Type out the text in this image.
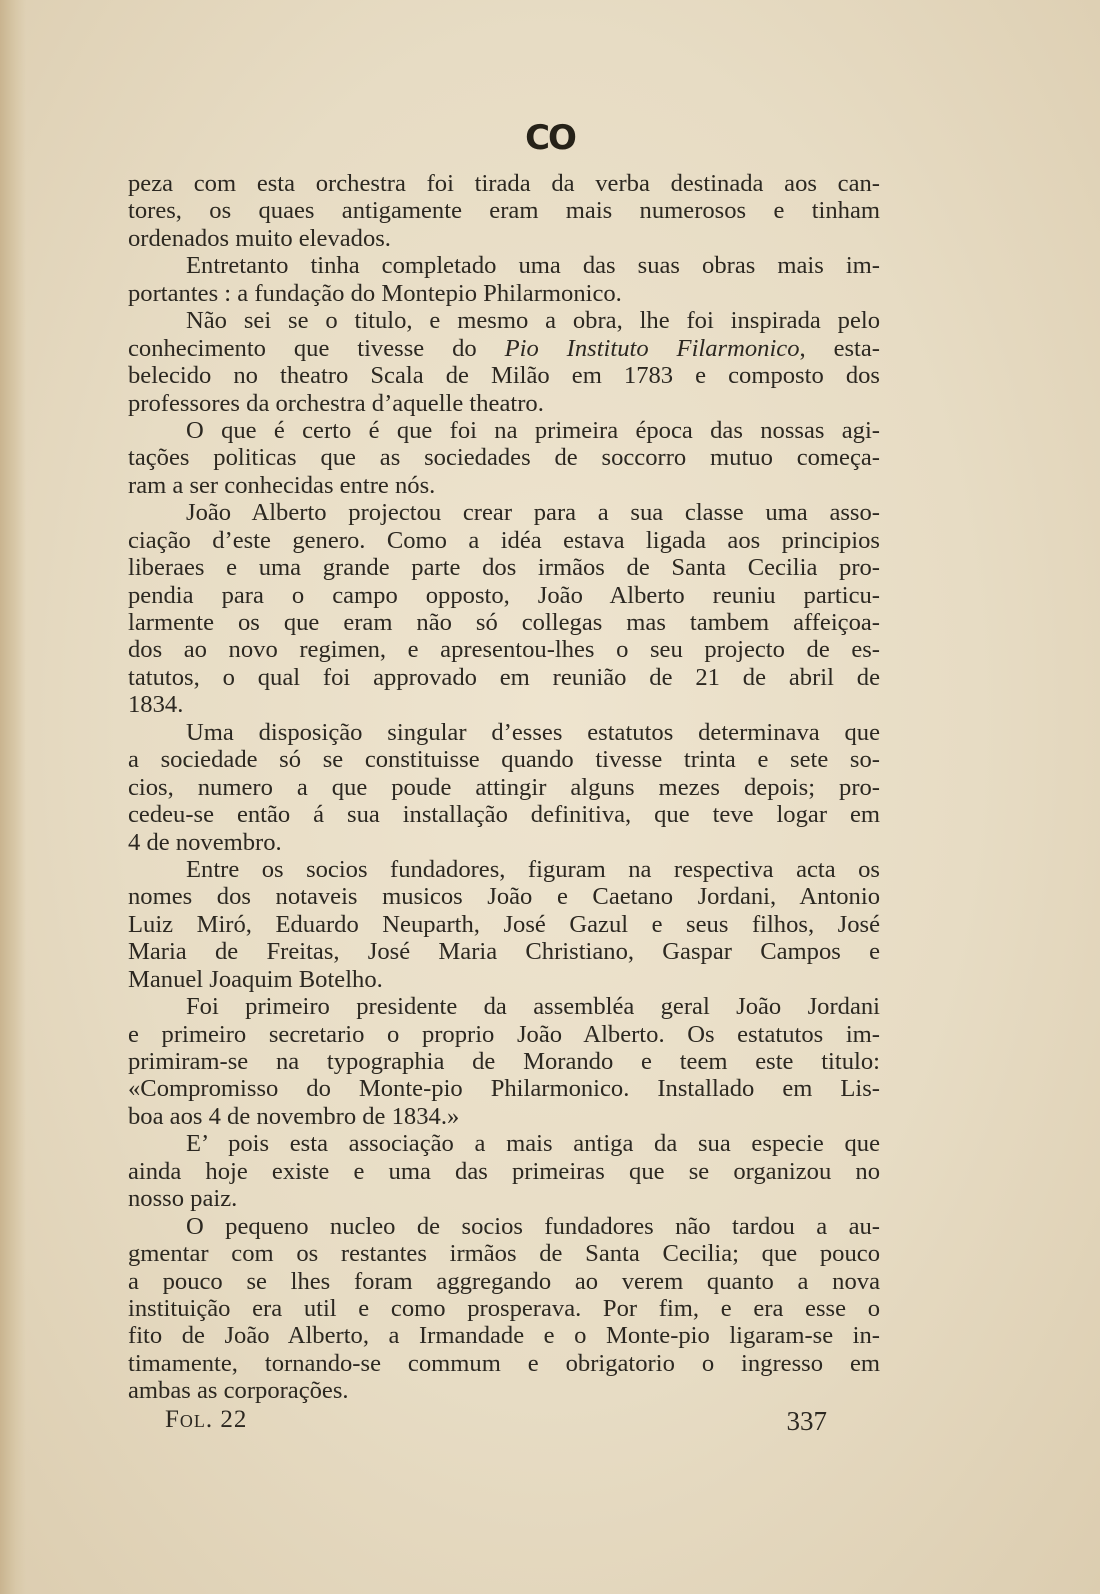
CO
peza com esta orchestra foi tirada da verba destinada aos can-
tores, os quaes antigamente eram mais numerosos e tinham
ordenados muito elevados.
Entretanto tinha completado uma das suas obras mais im-
portantes : a fundação do Montepio Philarmonico.
Não sei se o titulo, e mesmo a obra, lhe foi inspirada pelo
conhecimento que tivesse do Pio Instituto Filarmonico, esta-
belecido no theatro Scala de Milão em 1783 e composto dos
professores da orchestra d’aquelle theatro.
O que é certo é que foi na primeira época das nossas agi-
tações politicas que as sociedades de soccorro mutuo começa-
ram a ser conhecidas entre nós.
João Alberto projectou crear para a sua classe uma asso-
ciação d’este genero. Como a idéa estava ligada aos principios
liberaes e uma grande parte dos irmãos de Santa Cecilia pro-
pendia para o campo opposto, João Alberto reuniu particu-
larmente os que eram não só collegas mas tambem affeiçoa-
dos ao novo regimen, e apresentou-lhes o seu projecto de es-
tatutos, o qual foi approvado em reunião de 21 de abril de
1834.
Uma disposição singular d’esses estatutos determinava que
a sociedade só se constituisse quando tivesse trinta e sete so-
cios, numero a que poude attingir alguns mezes depois; pro-
cedeu-se então á sua installação definitiva, que teve logar em
4 de novembro.
Entre os socios fundadores, figuram na respectiva acta os
nomes dos notaveis musicos João e Caetano Jordani, Antonio
Luiz Miró, Eduardo Neuparth, José Gazul e seus filhos, José
Maria de Freitas, José Maria Christiano, Gaspar Campos e
Manuel Joaquim Botelho.
Foi primeiro presidente da assembléa geral João Jordani
e primeiro secretario o proprio João Alberto. Os estatutos im-
primiram-se na typographia de Morando e teem este titulo:
«Compromisso do Monte-pio Philarmonico. Installado em Lis-
boa aos 4 de novembro de 1834.»
E’ pois esta associação a mais antiga da sua especie que
ainda hoje existe e uma das primeiras que se organizou no
nosso paiz.
O pequeno nucleo de socios fundadores não tardou a au-
gmentar com os restantes irmãos de Santa Cecilia; que pouco
a pouco se lhes foram aggregando ao verem quanto a nova
instituição era util e como prosperava. Por fim, e era esse o
fito de João Alberto, a Irmandade e o Monte-pio ligaram-se in-
timamente, tornando-se commum e obrigatorio o ingresso em
ambas as corporações.
Fol. 22	337
